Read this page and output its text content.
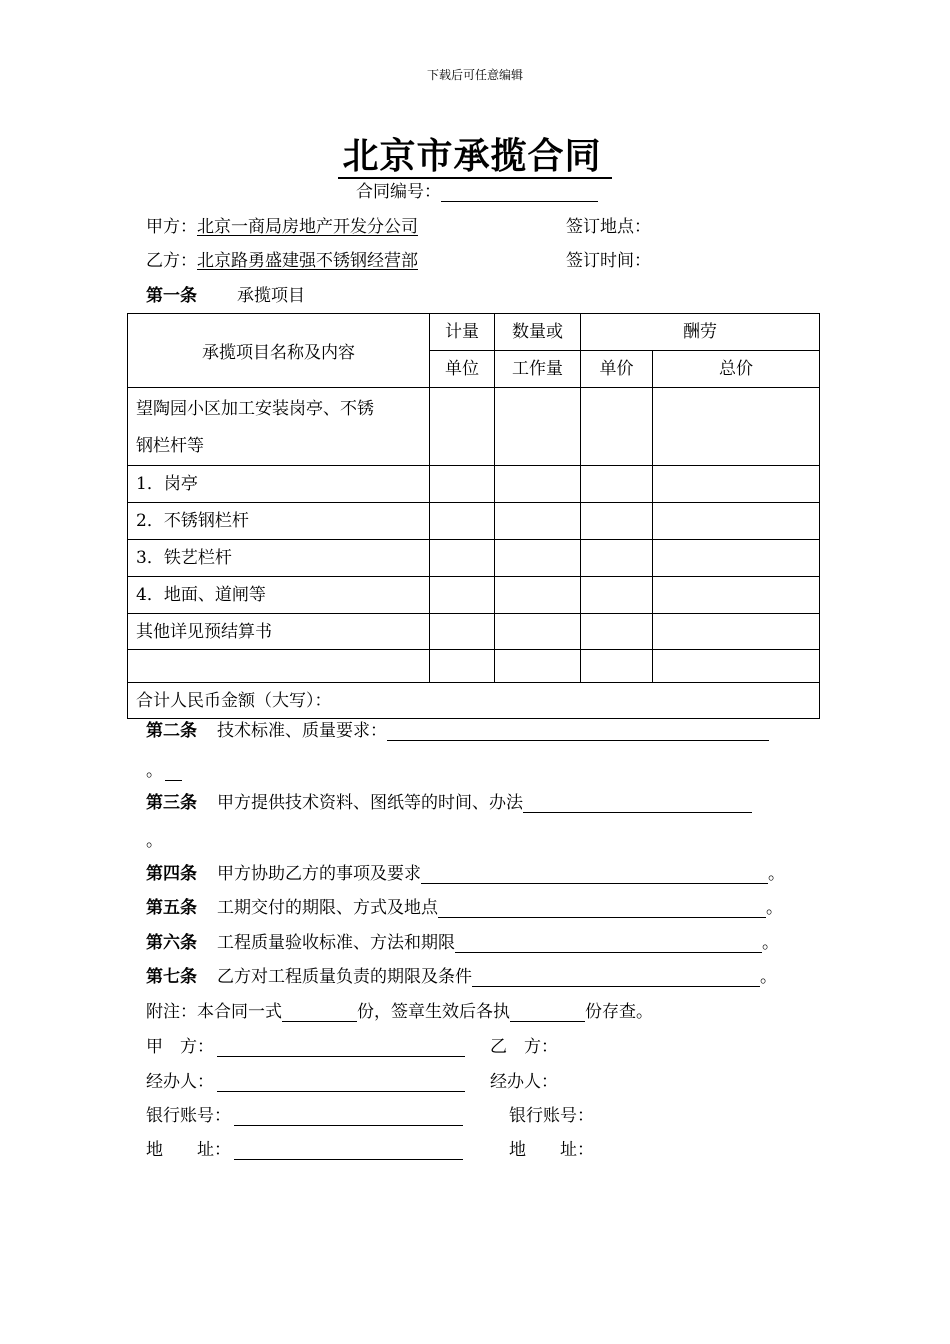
下载后可任意编辑
北京市承揽合同
合同编号：
甲方：北京一商局房地产开发分公司	签订地点：
乙方：北京路勇盛建强不锈钢经营部	签订时间：
第一条 承揽项目
承揽项目名称及内容	计量	数量或	酬劳	
	单位	工作量	单价	总价

望陶园小区加工安装岗亭、不锈
钢栏杆等				

1．岗亭				
2．不锈钢栏杆				
3．铁艺栏杆				
4．地面、道闸等				
其他详见预结算书				

合计人民币金额（大写）：				
第二条 技术标准、质量要求：
。
第三条 甲方提供技术资料、图纸等的时间、办法
。
第四条 甲方协助乙方的事项及要求	。
第五条 工期交付的期限、方式及地点	。
第六条 工程质量验收标准、方法和期限	。
第七条 乙方对工程质量负责的期限及条件	。
附注：本合同一式	份，签章生效后各执	份存查。
甲　方：	乙　方：
经办人：	经办人：
银行账号：	银行账号：
地　　址：	地　　址：
